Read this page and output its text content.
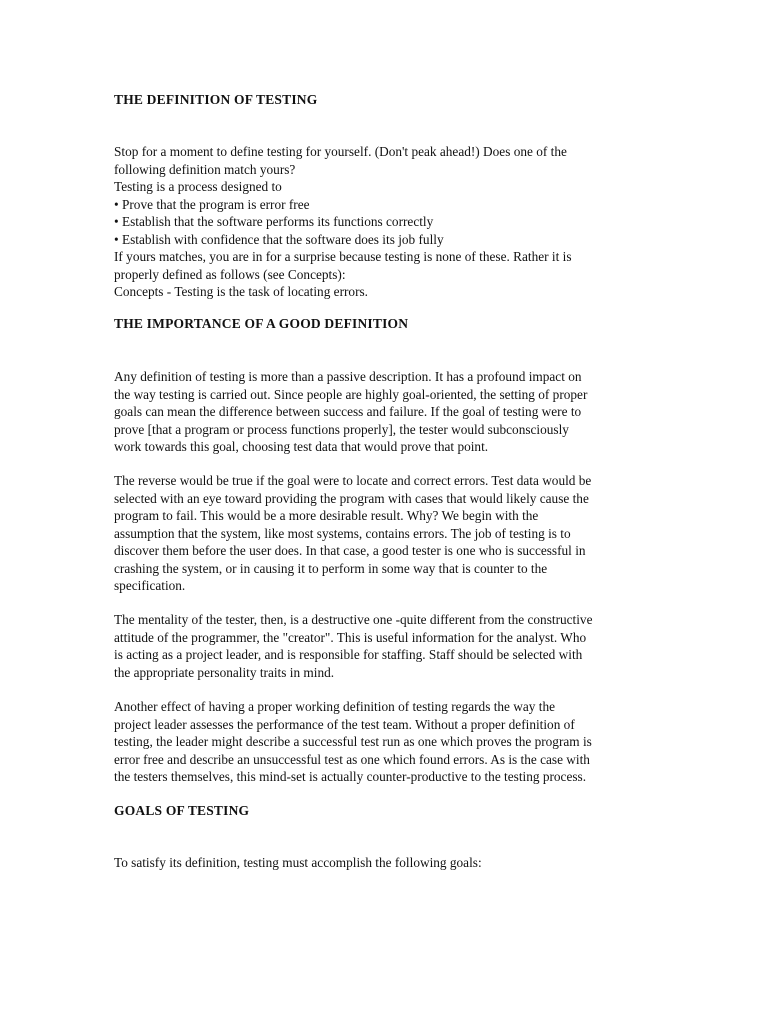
THE DEFINITION OF TESTING
Stop for a moment to define testing for yourself. (Don't peak ahead!) Does one of the
following definition match yours?
Testing is a process designed to
• Prove that the program is error free
• Establish that the software performs its functions correctly
• Establish with confidence that the software does its job fully
If yours matches, you are in for a surprise because testing is none of these. Rather it is
properly defined as follows (see Concepts):
Concepts - Testing is the task of locating errors.
THE IMPORTANCE OF A GOOD DEFINITION
Any definition of testing is more than a passive description. It has a profound impact on
the way testing is carried out. Since people are highly goal-oriented, the setting of proper
goals can mean the difference between success and failure. If the goal of testing were to
prove [that a program or process functions properly], the tester would subconsciously
work towards this goal, choosing test data that would prove that point.
The reverse would be true if the goal were to locate and correct errors. Test data would be
selected with an eye toward providing the program with cases that would likely cause the
program to fail. This would be a more desirable result. Why? We begin with the
assumption that the system, like most systems, contains errors. The job of testing is to
discover them before the user does. In that case, a good tester is one who is successful in
crashing the system, or in causing it to perform in some way that is counter to the
specification.
The mentality of the tester, then, is a destructive one -quite different from the constructive
attitude of the programmer, the "creator". This is useful information for the analyst. Who
is acting as a project leader, and is responsible for staffing. Staff should be selected with
the appropriate personality traits in mind.
Another effect of having a proper working definition of testing regards the way the
project leader assesses the performance of the test team. Without a proper definition of
testing, the leader might describe a successful test run as one which proves the program is
error free and describe an unsuccessful test as one which found errors. As is the case with
the testers themselves, this mind-set is actually counter-productive to the testing process.
GOALS OF TESTING
To satisfy its definition, testing must accomplish the following goals:
